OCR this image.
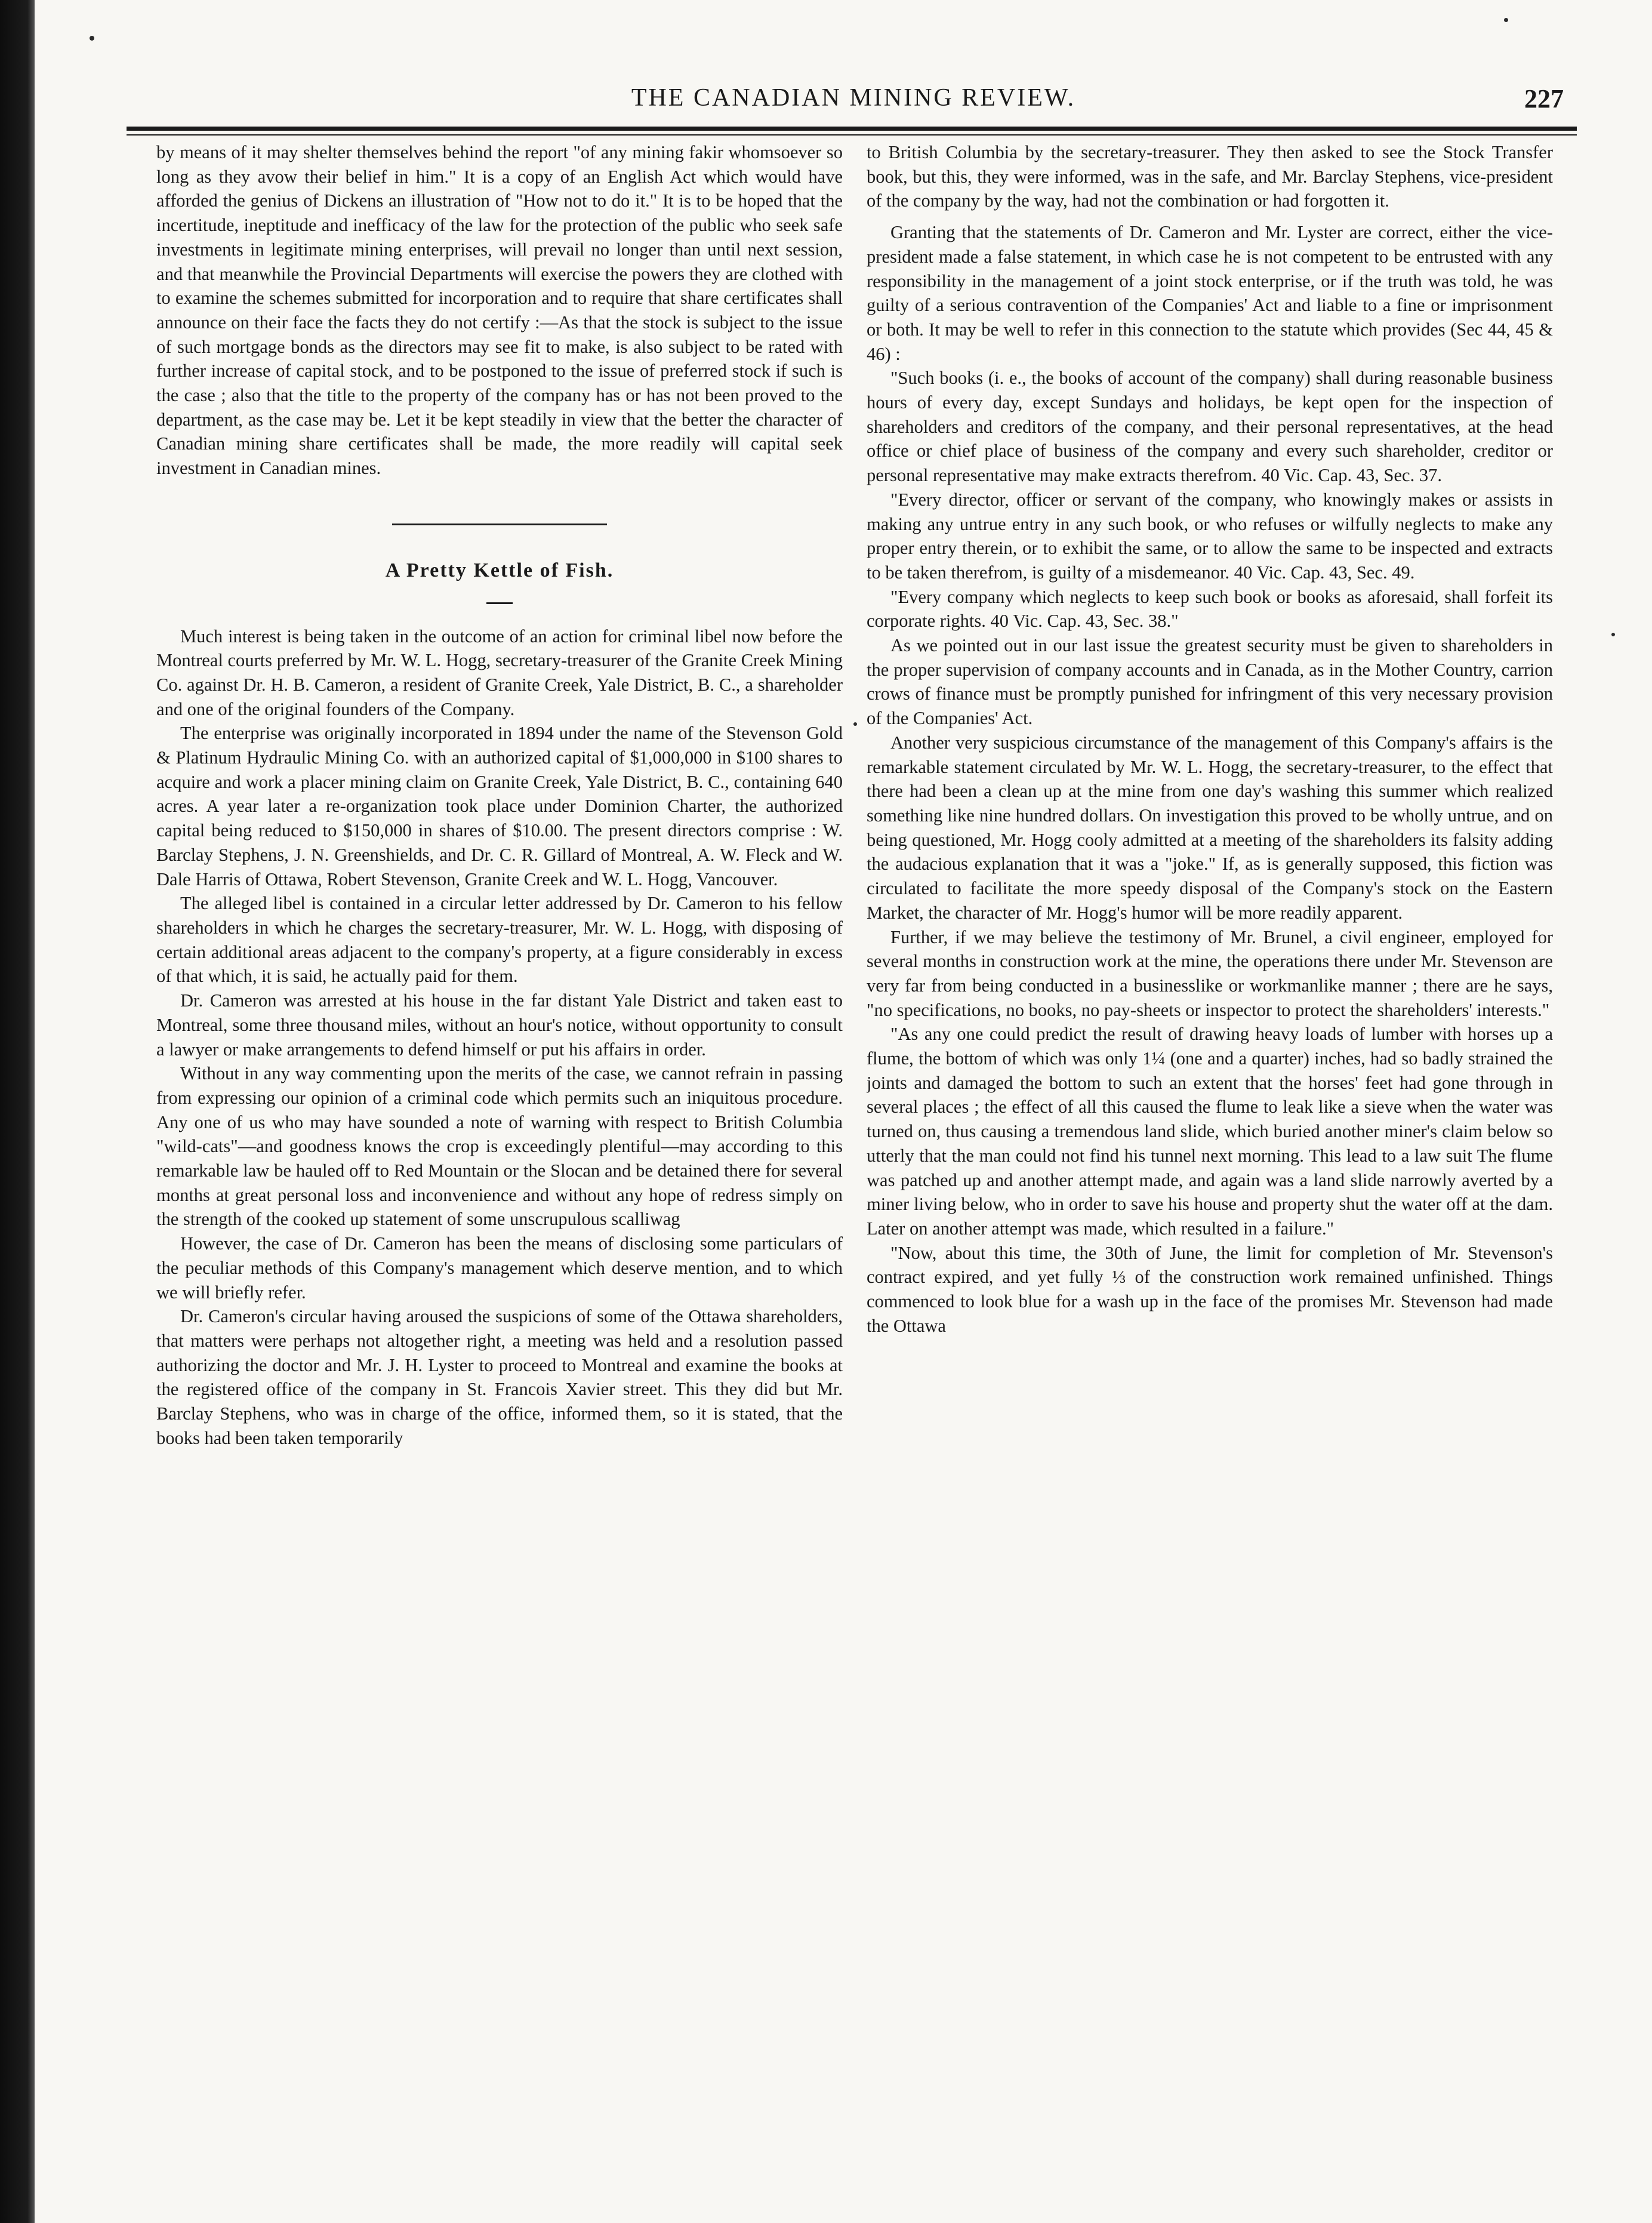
THE CANADIAN MINING REVIEW.	227

by means of it may shelter themselves behind the report "of any mining fakir whomsoever so long as they avow their belief in him." It is a copy of an English Act which would have afforded the genius of Dickens an illustration of "How not to do it." It is to be hoped that the incertitude, ineptitude and inefficacy of the law for the protection of the public who seek safe investments in legitimate mining enterprises, will prevail no longer than until next session, and that meanwhile the Provincial Departments will exercise the powers they are clothed with to examine the schemes submitted for incorporation and to require that share certificates shall announce on their face the facts they do not certify :—As that the stock is subject to the issue of such mortgage bonds as the directors may see fit to make, is also subject to be rated with further increase of capital stock, and to be postponed to the issue of preferred stock if such is the case ; also that the title to the property of the company has or has not been proved to the department, as the case may be. Let it be kept steadily in view that the better the character of Canadian mining share certificates shall be made, the more readily will capital seek investment in Canadian mines.

A Pretty Kettle of Fish.

Much interest is being taken in the outcome of an action for criminal libel now before the Montreal courts preferred by Mr. W. L. Hogg, secretary-treasurer of the Granite Creek Mining Co. against Dr. H. B. Cameron, a resident of Granite Creek, Yale District, B. C., a shareholder and one of the original founders of the Company.

The enterprise was originally incorporated in 1894 under the name of the Stevenson Gold & Platinum Hydraulic Mining Co. with an authorized capital of $1,000,000 in $100 shares to acquire and work a placer mining claim on Granite Creek, Yale District, B. C., containing 640 acres. A year later a re-organization took place under Dominion Charter, the authorized capital being reduced to $150,000 in shares of $10.00. The present directors comprise : W. Barclay Stephens, J. N. Greenshields, and Dr. C. R. Gillard of Montreal, A. W. Fleck and W. Dale Harris of Ottawa, Robert Stevenson, Granite Creek and W. L. Hogg, Vancouver.

The alleged libel is contained in a circular letter addressed by Dr. Cameron to his fellow shareholders in which he charges the secretary-treasurer, Mr. W. L. Hogg, with disposing of certain additional areas adjacent to the company's property, at a figure considerably in excess of that which, it is said, he actually paid for them.

Dr. Cameron was arrested at his house in the far distant Yale District and taken east to Montreal, some three thousand miles, without an hour's notice, without opportunity to consult a lawyer or make arrangements to defend himself or put his affairs in order.

Without in any way commenting upon the merits of the case, we cannot refrain in passing from expressing our opinion of a criminal code which permits such an iniquitous procedure. Any one of us who may have sounded a note of warning with respect to British Columbia "wild-cats"—and goodness knows the crop is exceedingly plentiful—may according to this remarkable law be hauled off to Red Mountain or the Slocan and be detained there for several months at great personal loss and inconvenience and without any hope of redress simply on the strength of the cooked up statement of some unscrupulous scalliwag

However, the case of Dr. Cameron has been the means of disclosing some particulars of the peculiar methods of this Company's management which deserve mention, and to which we will briefly refer.

Dr. Cameron's circular having aroused the suspicions of some of the Ottawa shareholders, that matters were perhaps not altogether right, a meeting was held and a resolution passed authorizing the doctor and Mr. J. H. Lyster to proceed to Montreal and examine the books at the registered office of the company in St. Francois Xavier street. This they did but Mr. Barclay Stephens, who was in charge of the office, informed them, so it is stated, that the books had been taken temporarily

to British Columbia by the secretary-treasurer. They then asked to see the Stock Transfer book, but this, they were informed, was in the safe, and Mr. Barclay Stephens, vice-president of the company by the way, had not the combination or had forgotten it.

Granting that the statements of Dr. Cameron and Mr. Lyster are correct, either the vice-president made a false statement, in which case he is not competent to be entrusted with any responsibility in the management of a joint stock enterprise, or if the truth was told, he was guilty of a serious contravention of the Companies' Act and liable to a fine or imprisonment or both. It may be well to refer in this connection to the statute which provides (Sec 44, 45 & 46) :

"Such books (i. e., the books of account of the company) shall during reasonable business hours of every day, except Sundays and holidays, be kept open for the inspection of shareholders and creditors of the company, and their personal representatives, at the head office or chief place of business of the company and every such shareholder, creditor or personal representative may make extracts therefrom. 40 Vic. Cap. 43, Sec. 37.

"Every director, officer or servant of the company, who knowingly makes or assists in making any untrue entry in any such book, or who refuses or wilfully neglects to make any proper entry therein, or to exhibit the same, or to allow the same to be inspected and extracts to be taken therefrom, is guilty of a misdemeanor. 40 Vic. Cap. 43, Sec. 49.

"Every company which neglects to keep such book or books as aforesaid, shall forfeit its corporate rights. 40 Vic. Cap. 43, Sec. 38."

As we pointed out in our last issue the greatest security must be given to shareholders in the proper supervision of company accounts and in Canada, as in the Mother Country, carrion crows of finance must be promptly punished for infringment of this very necessary provision of the Companies' Act.

Another very suspicious circumstance of the management of this Company's affairs is the remarkable statement circulated by Mr. W. L. Hogg, the secretary-treasurer, to the effect that there had been a clean up at the mine from one day's washing this summer which realized something like nine hundred dollars. On investigation this proved to be wholly untrue, and on being questioned, Mr. Hogg cooly admitted at a meeting of the shareholders its falsity adding the audacious explanation that it was a "joke." If, as is generally supposed, this fiction was circulated to facilitate the more speedy disposal of the Company's stock on the Eastern Market, the character of Mr. Hogg's humor will be more readily apparent.

Further, if we may believe the testimony of Mr. Brunel, a civil engineer, employed for several months in construction work at the mine, the operations there under Mr. Stevenson are very far from being conducted in a businesslike or workmanlike manner ; there are he says, "no specifications, no books, no pay-sheets or inspector to protect the shareholders' interests."

"As any one could predict the result of drawing heavy loads of lumber with horses up a flume, the bottom of which was only 1¼ (one and a quarter) inches, had so badly strained the joints and damaged the bottom to such an extent that the horses' feet had gone through in several places ; the effect of all this caused the flume to leak like a sieve when the water was turned on, thus causing a tremendous land slide, which buried another miner's claim below so utterly that the man could not find his tunnel next morning. This lead to a law suit The flume was patched up and another attempt made, and again was a land slide narrowly averted by a miner living below, who in order to save his house and property shut the water off at the dam. Later on another attempt was made, which resulted in a failure."

"Now, about this time, the 30th of June, the limit for completion of Mr. Stevenson's contract expired, and yet fully ⅓ of the construction work remained unfinished. Things commenced to look blue for a wash up in the face of the promises Mr. Stevenson had made the Ottawa
